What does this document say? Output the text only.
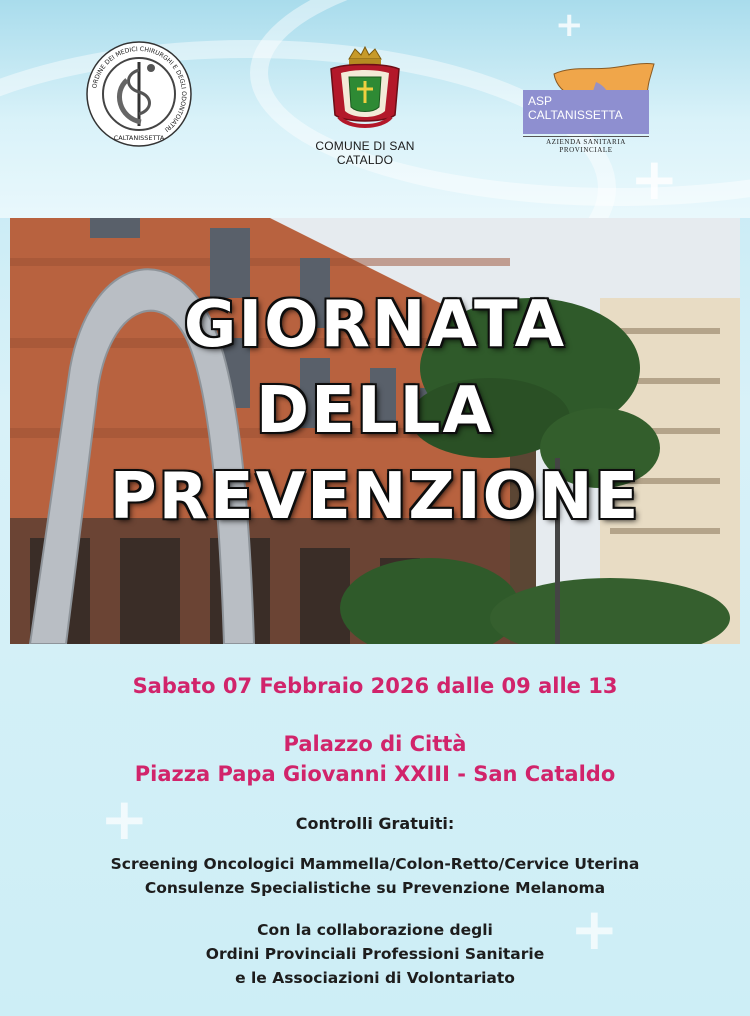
+
+
ORDINE DEI MEDICI CHIRURGHI E DEGLI ODONTOIATRI
CALTANISSETTA
COMUNE DI SAN CATALDO
ASP
CALTANISSETTA
AZIENDA SANITARIA PROVINCIALE
GIORNATA
DELLA
PREVENZIONE
Sabato 07 Febbraio 2026 dalle 09 alle 13
Palazzo di Città
Piazza Papa Giovanni XXIII - San Cataldo
Controlli Gratuiti:
Screening Oncologici Mammella/Colon-Retto/Cervice Uterina
Consulenze Specialistiche su Prevenzione Melanoma
Con la collaborazione degli
Ordini Provinciali Professioni Sanitarie
e le Associazioni di Volontariato
+
+
